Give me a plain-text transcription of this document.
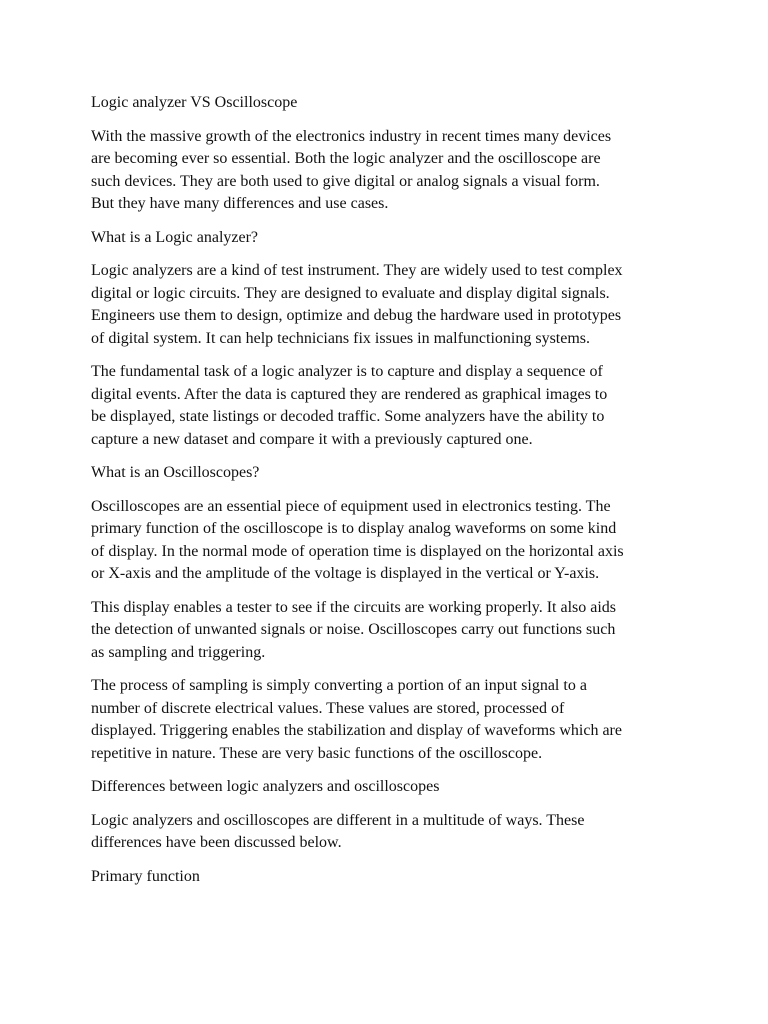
Logic analyzer VS Oscilloscope
With the massive growth of the electronics industry in recent times many devices
are becoming ever so essential. Both the logic analyzer and the oscilloscope are
such devices. They are both used to give digital or analog signals a visual form.
But they have many differences and use cases.
What is a Logic analyzer?
Logic analyzers are a kind of test instrument. They are widely used to test complex
digital or logic circuits. They are designed to evaluate and display digital signals.
Engineers use them to design, optimize and debug the hardware used in prototypes
of digital system. It can help technicians fix issues in malfunctioning systems.
The fundamental task of a logic analyzer is to capture and display a sequence of
digital events. After the data is captured they are rendered as graphical images to
be displayed, state listings or decoded traffic. Some analyzers have the ability to
capture a new dataset and compare it with a previously captured one.
What is an Oscilloscopes?
Oscilloscopes are an essential piece of equipment used in electronics testing. The
primary function of the oscilloscope is to display analog waveforms on some kind
of display. In the normal mode of operation time is displayed on the horizontal axis
or X-axis and the amplitude of the voltage is displayed in the vertical or Y-axis.
This display enables a tester to see if the circuits are working properly. It also aids
the detection of unwanted signals or noise. Oscilloscopes carry out functions such
as sampling and triggering.
The process of sampling is simply converting a portion of an input signal to a
number of discrete electrical values. These values are stored, processed of
displayed. Triggering enables the stabilization and display of waveforms which are
repetitive in nature. These are very basic functions of the oscilloscope.
Differences between logic analyzers and oscilloscopes
Logic analyzers and oscilloscopes are different in a multitude of ways. These
differences have been discussed below.
Primary function
